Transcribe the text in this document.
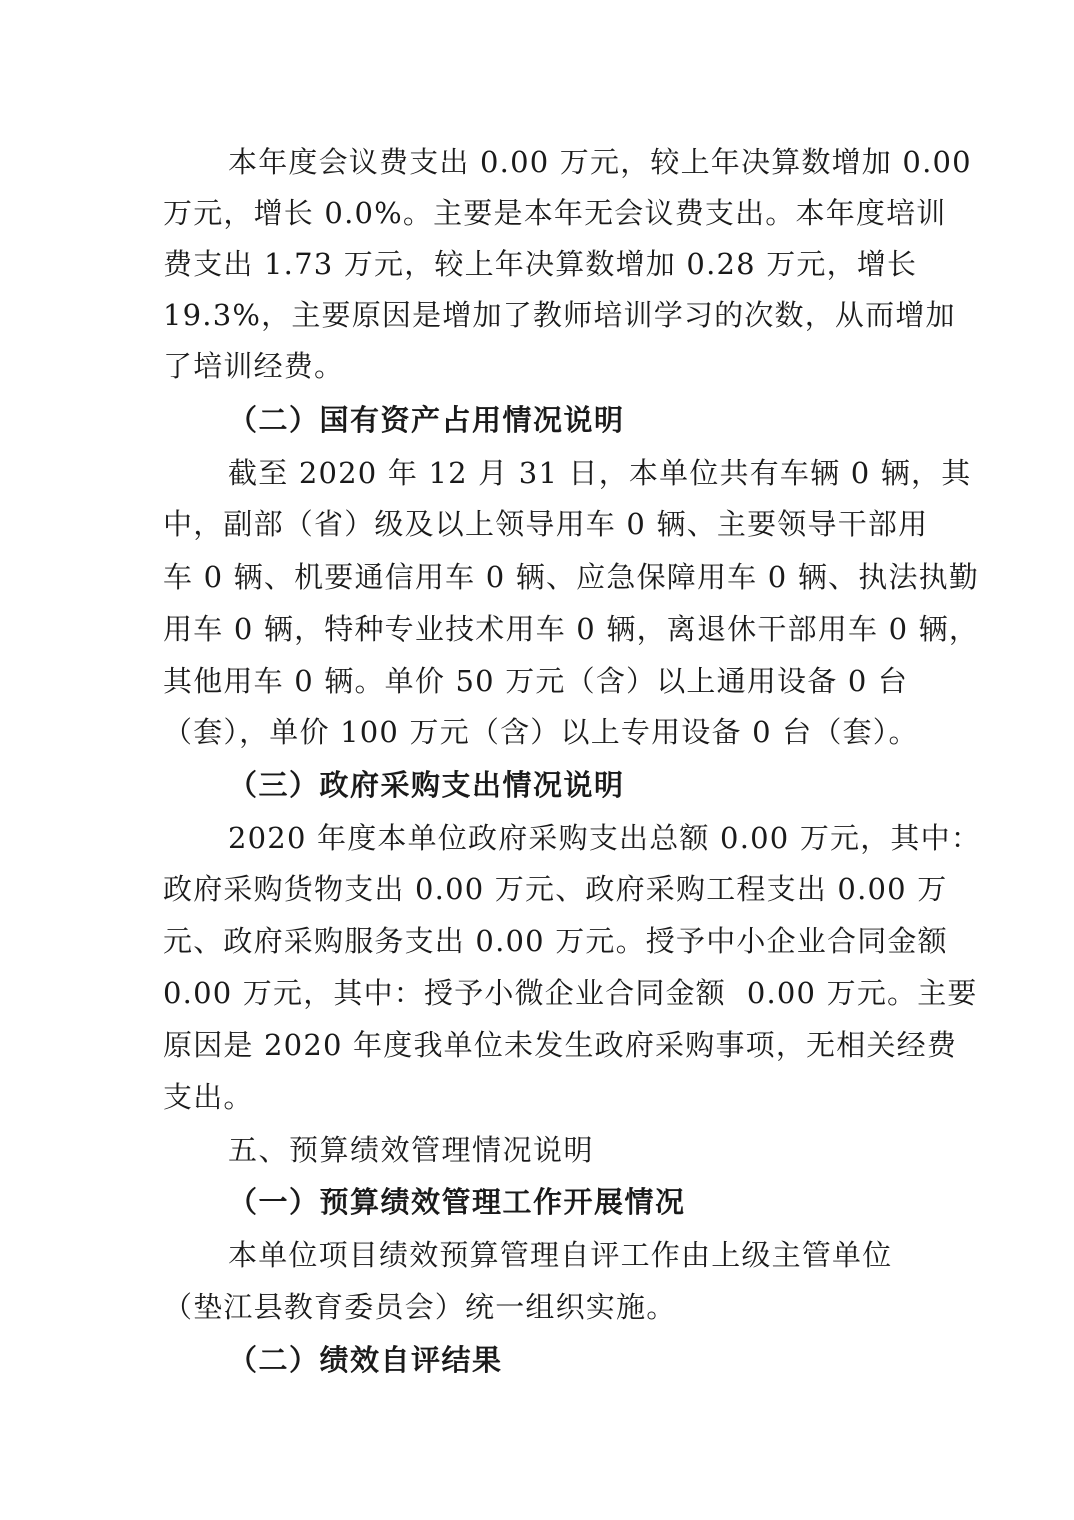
本年度会议费支出 0.00 万元，较上年决算数增加 0.00
万元，增长 0.0%。主要是本年无会议费支出。本年度培训
费支出 1.73 万元，较上年决算数增加 0.28 万元，增长
19.3%，主要原因是增加了教师培训学习的次数，从而增加
了培训经费。
（二）国有资产占用情况说明
截至 2020 年 12 月 31 日，本单位共有车辆 0 辆，其
中，副部（省）级及以上领导用车 0 辆、主要领导干部用
车 0 辆、机要通信用车 0 辆、应急保障用车 0 辆、执法执勤
用车 0 辆，特种专业技术用车 0 辆，离退休干部用车 0 辆，
其他用车 0 辆。单价 50 万元（含）以上通用设备 0 台
（套），单价 100 万元（含）以上专用设备 0 台（套）。
（三）政府采购支出情况说明
2020 年度本单位政府采购支出总额 0.00 万元，其中：
政府采购货物支出 0.00 万元、政府采购工程支出 0.00 万
元、政府采购服务支出 0.00 万元。授予中小企业合同金额
0.00 万元，其中：授予小微企业合同金额  0.00 万元。主要
原因是 2020 年度我单位未发生政府采购事项，无相关经费
支出。
五、预算绩效管理情况说明
（一）预算绩效管理工作开展情况
本单位项目绩效预算管理自评工作由上级主管单位
（垫江县教育委员会）统一组织实施。
（二）绩效自评结果
